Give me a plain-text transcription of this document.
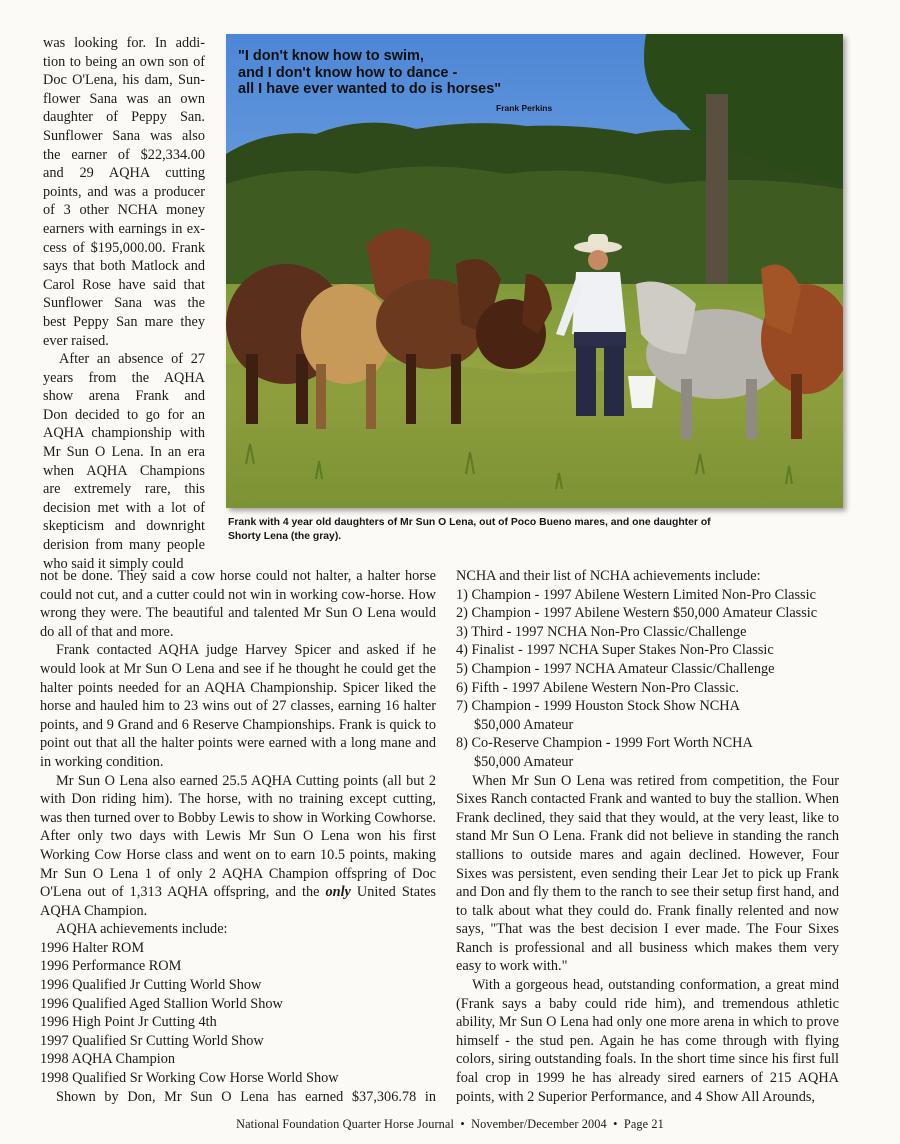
"I don't know how to swim,
and I don't know how to dance -
all I have ever wanted to do is horses"
Frank Perkins

Frank with 4 year old daughters of Mr Sun O Lena, out of Poco Bueno mares, and one daughter of
Shorty Lena (the gray).

was looking for. In addi-
tion to being an own son of
Doc O'Lena, his dam, Sun-
flower Sana was an own
daughter of Peppy San.
Sunflower Sana was also
the earner of $22,334.00
and 29 AQHA cutting
points, and was a producer
of 3 other NCHA money
earners with earnings in ex-
cess of $195,000.00. Frank
says that both Matlock and
Carol Rose have said that
Sunflower Sana was the
best Peppy San mare they
ever raised.
After an absence of 27
years from the AQHA
show arena Frank and
Don decided to go for an
AQHA championship with
Mr Sun O Lena. In an era
when AQHA Champions
are extremely rare, this
decision met with a lot of
skepticism and downright
derision from many people
who said it simply could
not be done. They said a cow horse could not halter, a halter horse could not cut, and a cutter could not win in working cow-horse. How wrong they were. The beautiful and talented Mr Sun O Lena would do all of that and more.
Frank contacted AQHA judge Harvey Spicer and asked if he would look at Mr Sun O Lena and see if he thought he could get the halter points needed for an AQHA Championship. Spicer liked the horse and hauled him to 23 wins out of 27 classes, earning 16 halter points, and 9 Grand and 6 Reserve Championships. Frank is quick to point out that all the halter points were earned with a long mane and in working condition.
Mr Sun O Lena also earned 25.5 AQHA Cutting points (all but 2 with Don riding him). The horse, with no training except cutting, was then turned over to Bobby Lewis to show in Working Cowhorse. After only two days with Lewis Mr Sun O Lena won his first Working Cow Horse class and went on to earn 10.5 points, making Mr Sun O Lena 1 of only 2 AQHA Champion offspring of Doc O'Lena out of 1,313 AQHA offspring, and the only United States AQHA Champion.
AQHA achievements include:
1996 Halter ROM
1996 Performance ROM
1996 Qualified Jr Cutting World Show
1996 Qualified Aged Stallion World Show
1996 High Point Jr Cutting 4th
1997 Qualified Sr Cutting World Show
1998 AQHA Champion
1998 Qualified Sr Working Cow Horse World Show
Shown by Don, Mr Sun O Lena has earned $37,306.78 in
NCHA and their list of NCHA achievements include:
1) Champion - 1997 Abilene Western Limited Non-Pro Classic
2) Champion - 1997 Abilene Western $50,000 Amateur Classic
3) Third - 1997 NCHA Non-Pro Classic/Challenge
4) Finalist - 1997 NCHA Super Stakes Non-Pro Classic
5) Champion - 1997 NCHA Amateur Classic/Challenge
6) Fifth - 1997 Abilene Western Non-Pro Classic.
7) Champion - 1999 Houston Stock Show NCHA
$50,000 Amateur
8) Co-Reserve Champion - 1999 Fort Worth NCHA
$50,000 Amateur
When Mr Sun O Lena was retired from competition, the Four Sixes Ranch contacted Frank and wanted to buy the stallion. When Frank declined, they said that they would, at the very least, like to stand Mr Sun O Lena. Frank did not believe in standing the ranch stallions to outside mares and again declined. However, Four Sixes was persistent, even sending their Lear Jet to pick up Frank and Don and fly them to the ranch to see their setup first hand, and to talk about what they could do. Frank finally relented and now says, "That was the best decision I ever made. The Four Sixes Ranch is professional and all business which makes them very easy to work with."
With a gorgeous head, outstanding conformation, a great mind (Frank says a baby could ride him), and tremendous athletic ability, Mr Sun O Lena had only one more arena in which to prove himself - the stud pen. Again he has come through with flying colors, siring outstanding foals. In the short time since his first full foal crop in 1999 he has already sired earners of 215 AQHA points, with 2 Superior Performance, and 4 Show All Arounds,

National Foundation Quarter Horse Journal  •  November/December 2004  •  Page 21
